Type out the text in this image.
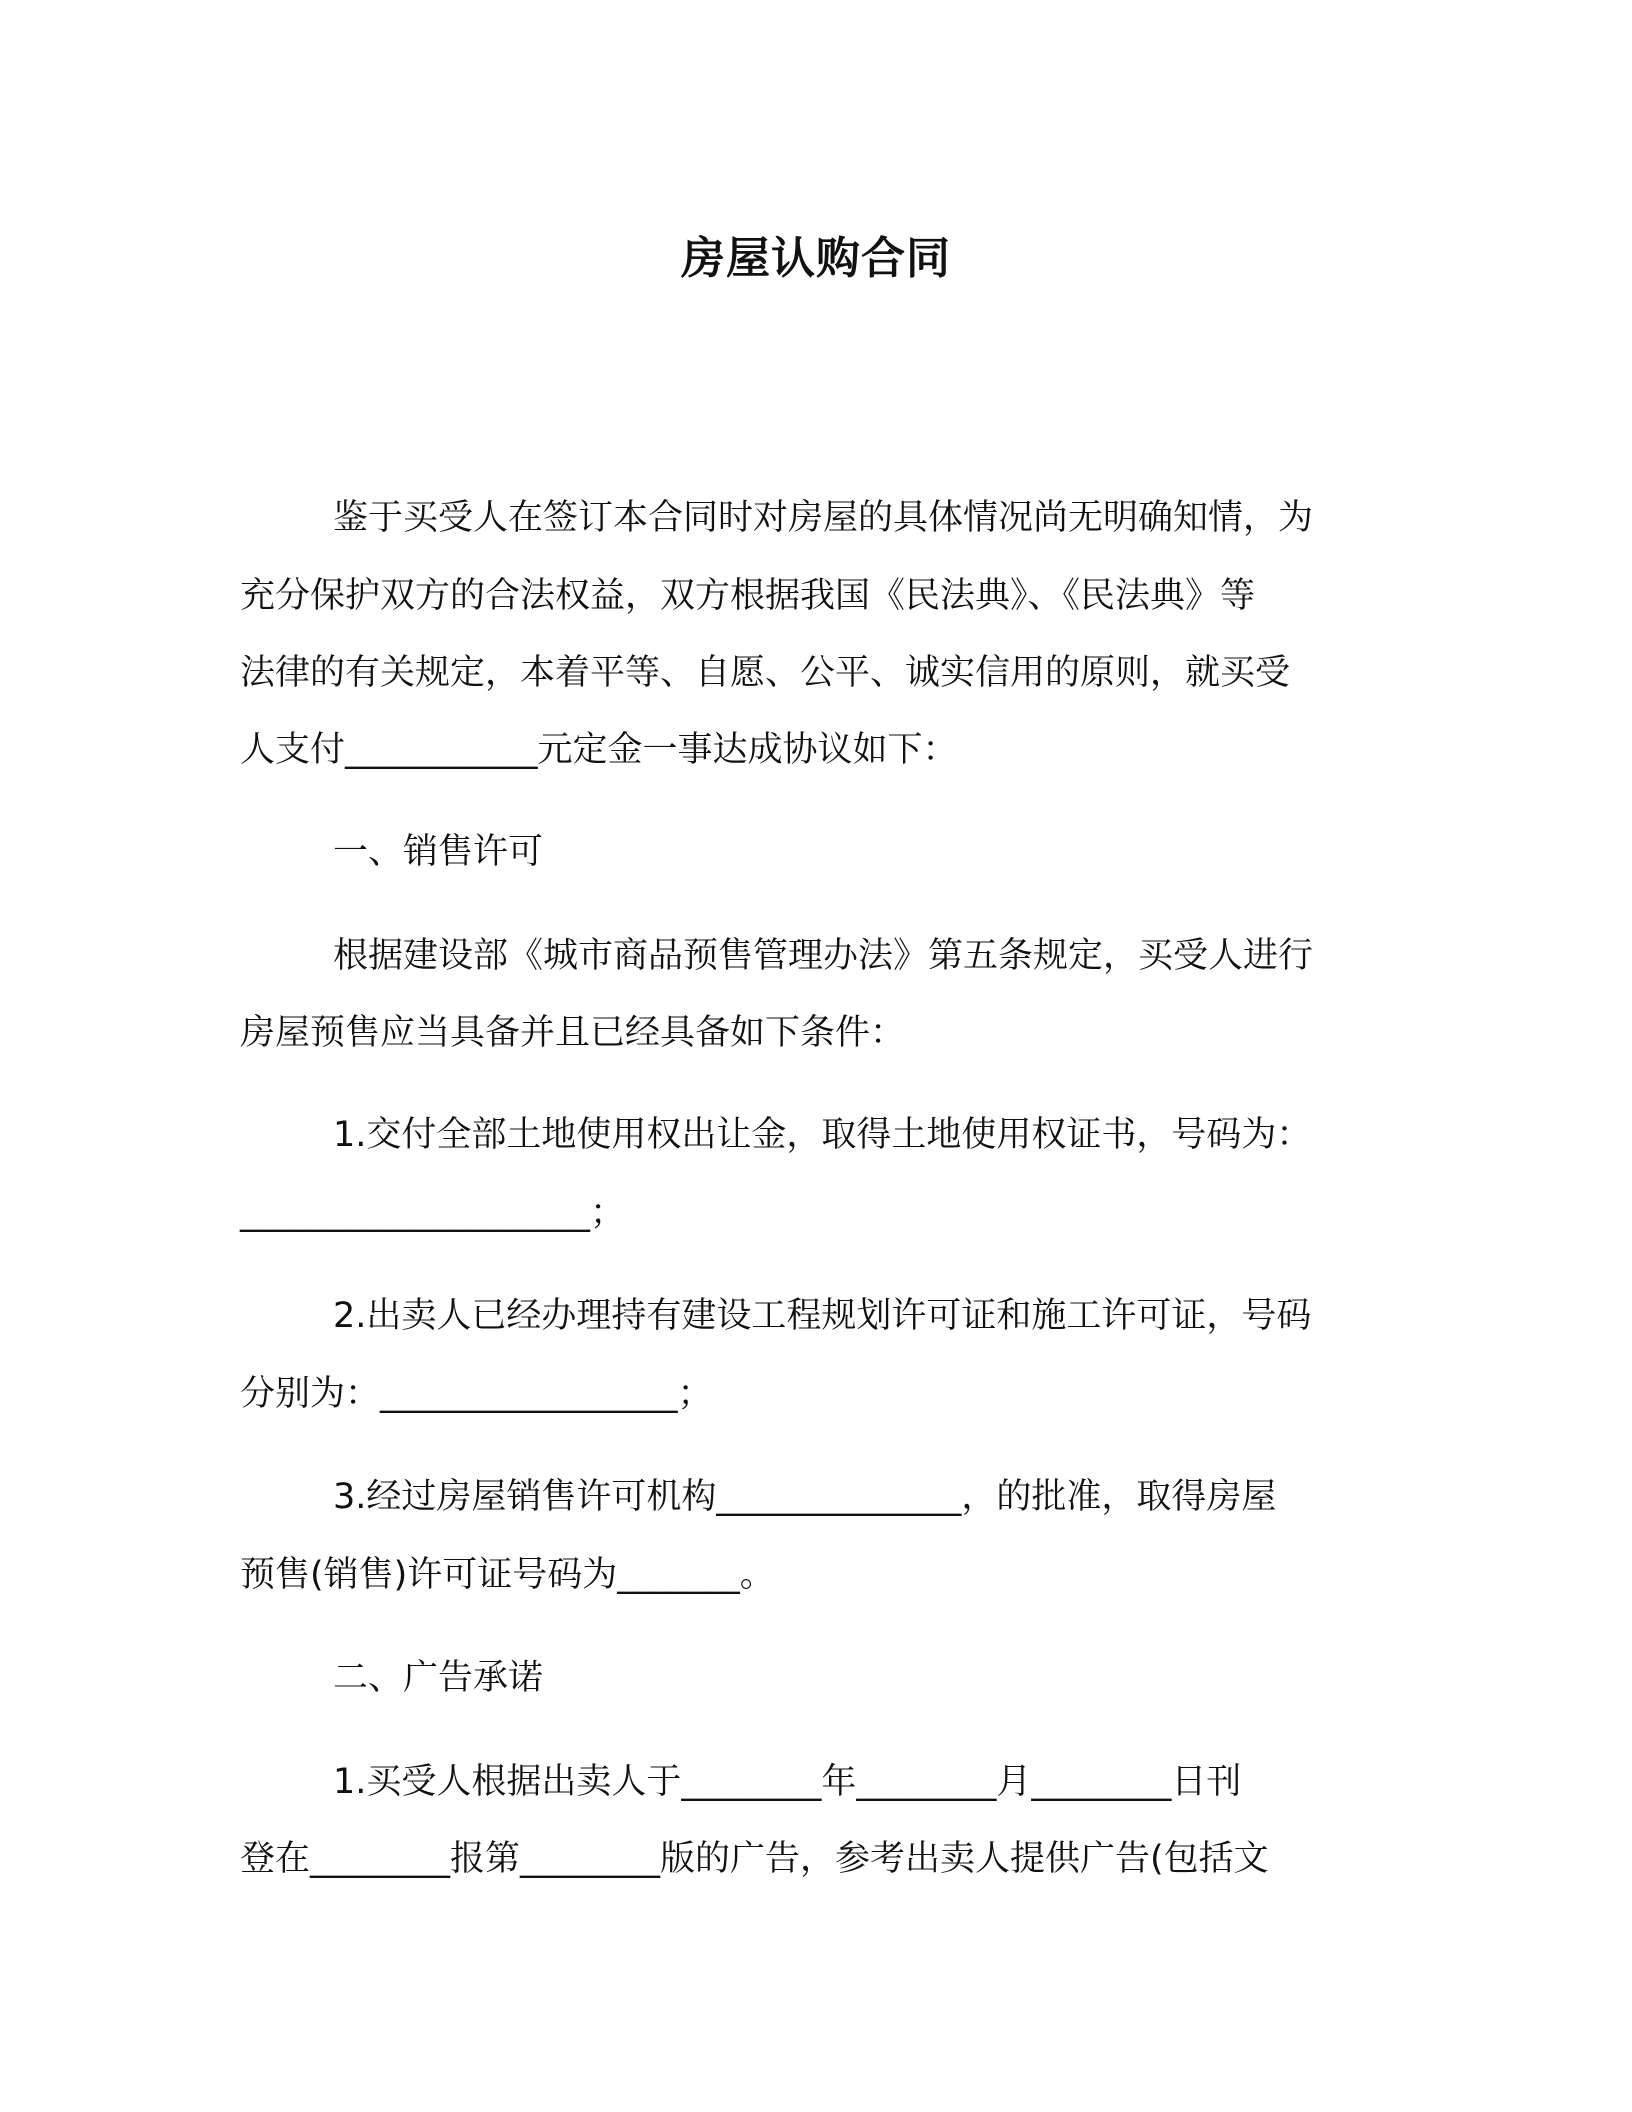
房屋认购合同
鉴于买受人在签订本合同时对房屋的具体情况尚无明确知情，为
充分保护双方的合法权益，双方根据我国《民法典》、《民法典》等
法律的有关规定，本着平等、自愿、公平、诚实信用的原则，就买受
人支付___________元定金一事达成协议如下：
一、销售许可
根据建设部《城市商品预售管理办法》第五条规定，买受人进行
房屋预售应当具备并且已经具备如下条件：
1.交付全部土地使用权出让金，取得土地使用权证书，号码为：
____________________；
2.出卖人已经办理持有建设工程规划许可证和施工许可证，号码
分别为：_________________；
3.经过房屋销售许可机构______________，的批准，取得房屋
预售(销售)许可证号码为_______。
二、广告承诺
1.买受人根据出卖人于________年________月________日刊
登在________报第________版的广告，参考出卖人提供广告(包括文
